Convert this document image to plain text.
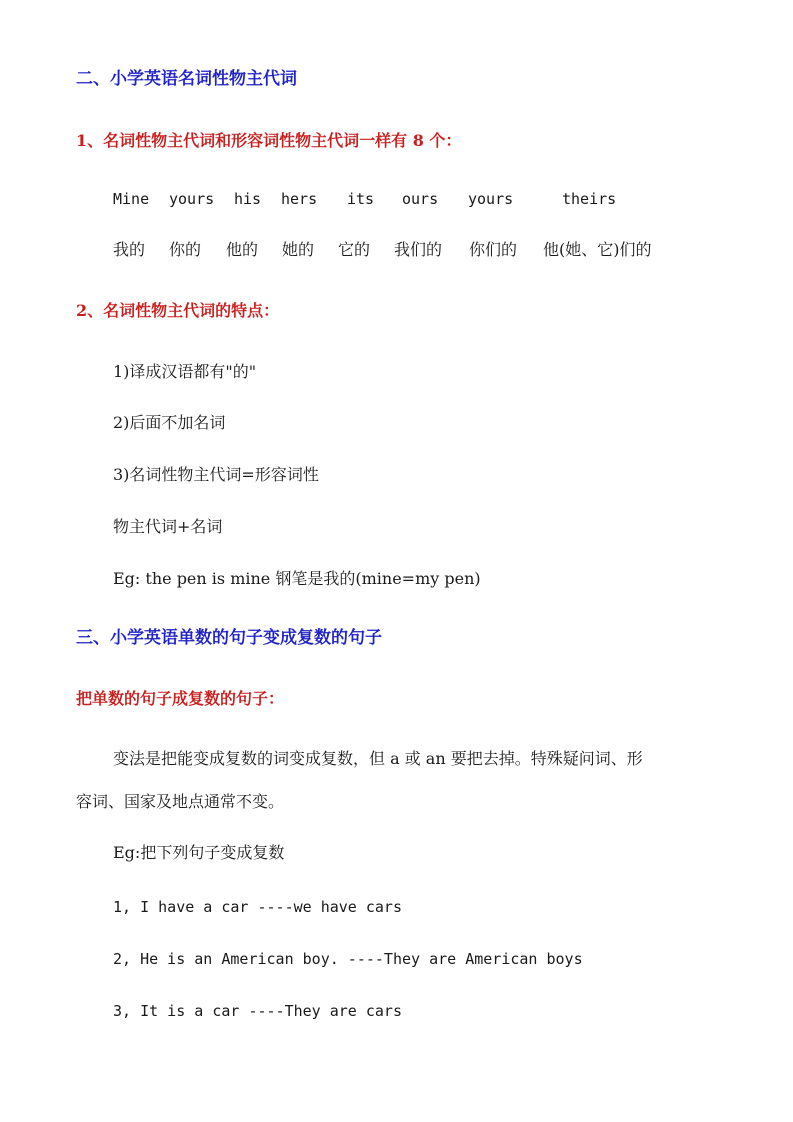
二、小学英语名词性物主代词
1、名词性物主代词和形容词性物主代词一样有 8 个：
Mine yours his hers its ours yours	theirs
我的 你的 他的 她的 它的 我们的 你们的 他(她、它)们的
2、名词性物主代词的特点：
1)译成汉语都有"的"
2)后面不加名词
3)名词性物主代词=形容词性
物主代词+名词
Eg: the pen is mine 钢笔是我的(mine=my pen)
三、小学英语单数的句子变成复数的句子
把单数的句子成复数的句子：
变法是把能变成复数的词变成复数，但 a 或 an 要把去掉。特殊疑问词、形
容词、国家及地点通常不变。
Eg:把下列句子变成复数
1, I have a car ----we have cars
2, He is an American boy. ----They are American boys
3, It is a car ----They are cars
